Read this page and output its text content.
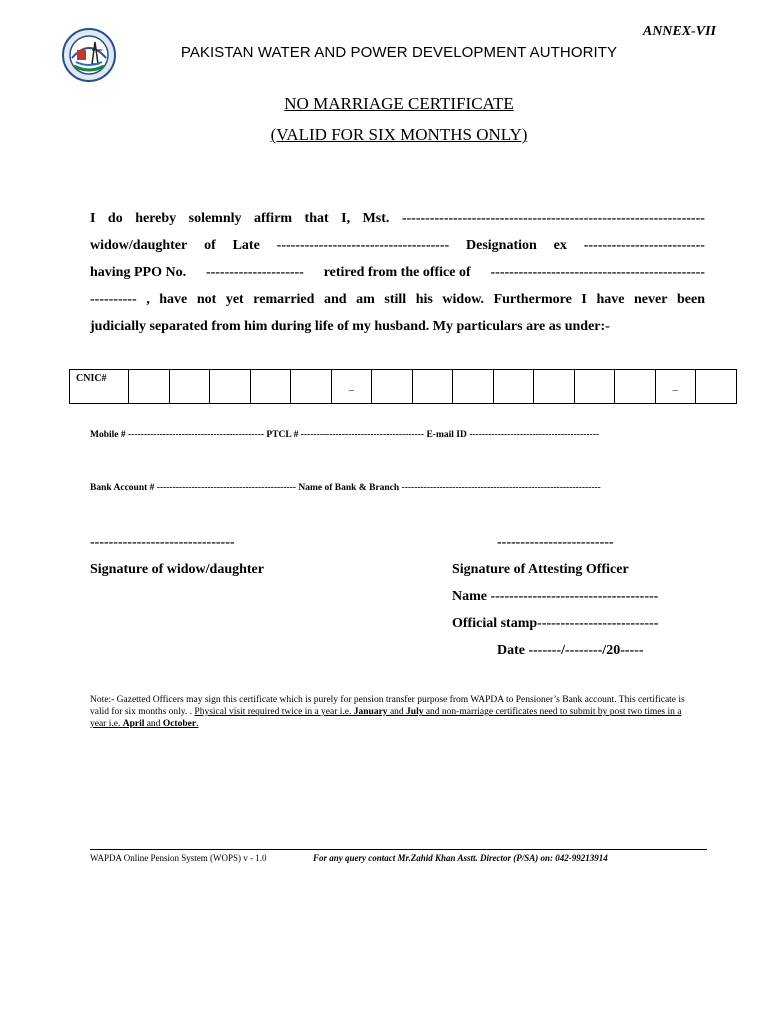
ANNEX-VII
PAKISTAN WATER AND POWER DEVELOPMENT AUTHORITY
NO MARRIAGE CERTIFICATE
(VALID FOR SIX MONTHS ONLY)
I do hereby solemnly affirm that I, Mst. -----------------------------------------------------------------
widow/daughter of Late ------------------------------------- Designation ex --------------------------
having PPO No. --------------------- retired from the office of ----------------------------------------------
---------- , have not yet remarried and am still his widow. Furthermore I have never been
judicially separated from him during life of my husband. My particulars are as under:-
CNIC#						_								_	
Mobile # ------------------------------------------- PTCL # --------------------------------------- E-mail ID -----------------------------------------
Bank Account # -------------------------------------------- Name of Bank & Branch ---------------------------------------------------------------
-------------------------------
Signature of widow/daughter
-------------------------
Signature of Attesting Officer
Name ------------------------------------
Official stamp--------------------------
Date -------/--------/20-----
Note:- Gazetted Officers may sign this certificate which is purely for pension transfer purpose from WAPDA to Pensioner’s Bank account. This certificate is valid for six months only. . Physical visit required twice in a year i.e. January and July and non-marriage certificates need to submit by post two times in a year i.e. April and October.
WAPDA Online Pension System (WOPS) v - 1.0	For any query contact Mr.Zahid Khan Asstt. Director (P/SA) on: 042-99213914
